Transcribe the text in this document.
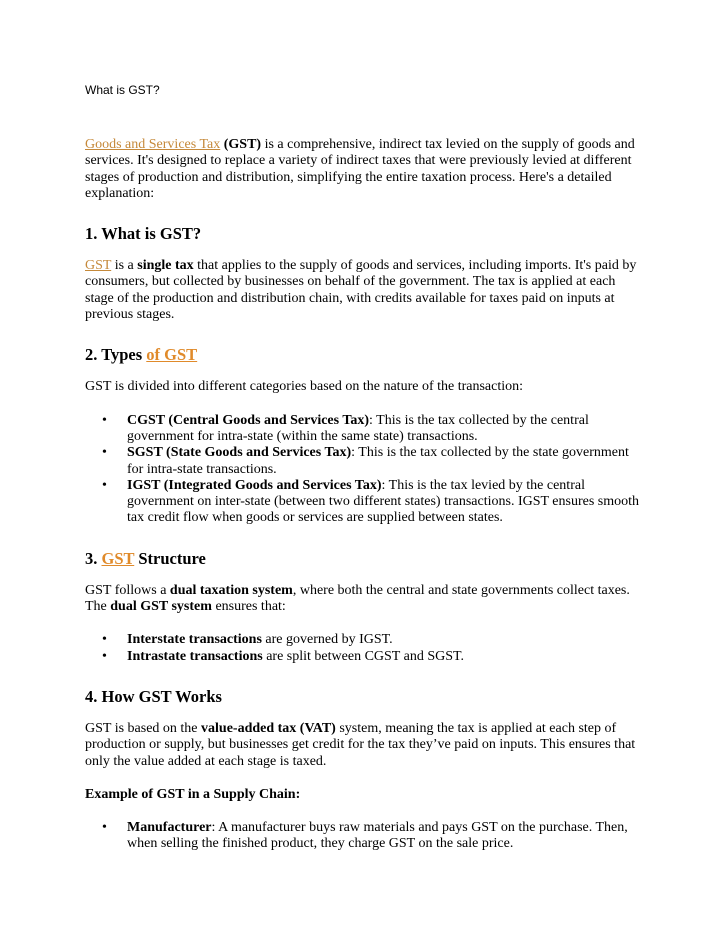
What is GST?

Goods and Services Tax (GST) is a comprehensive, indirect tax levied on the supply of goods and services. It's designed to replace a variety of indirect taxes that were previously levied at different stages of production and distribution, simplifying the entire taxation process. Here's a detailed explanation:

1. What is GST?

GST is a single tax that applies to the supply of goods and services, including imports. It's paid by consumers, but collected by businesses on behalf of the government. The tax is applied at each stage of the production and distribution chain, with credits available for taxes paid on inputs at previous stages.

2. Types of GST

GST is divided into different categories based on the nature of the transaction:

• CGST (Central Goods and Services Tax): This is the tax collected by the central government for intra-state (within the same state) transactions.
• SGST (State Goods and Services Tax): This is the tax collected by the state government for intra-state transactions.
• IGST (Integrated Goods and Services Tax): This is the tax levied by the central government on inter-state (between two different states) transactions. IGST ensures smooth tax credit flow when goods or services are supplied between states.
3. GST Structure

GST follows a dual taxation system, where both the central and state governments collect taxes. The dual GST system ensures that:

• Interstate transactions are governed by IGST.
• Intrastate transactions are split between CGST and SGST.
4. How GST Works

GST is based on the value-added tax (VAT) system, meaning the tax is applied at each step of production or supply, but businesses get credit for the tax they’ve paid on inputs. This ensures that only the value added at each stage is taxed.

Example of GST in a Supply Chain:

• Manufacturer: A manufacturer buys raw materials and pays GST on the purchase. Then, when selling the finished product, they charge GST on the sale price.
